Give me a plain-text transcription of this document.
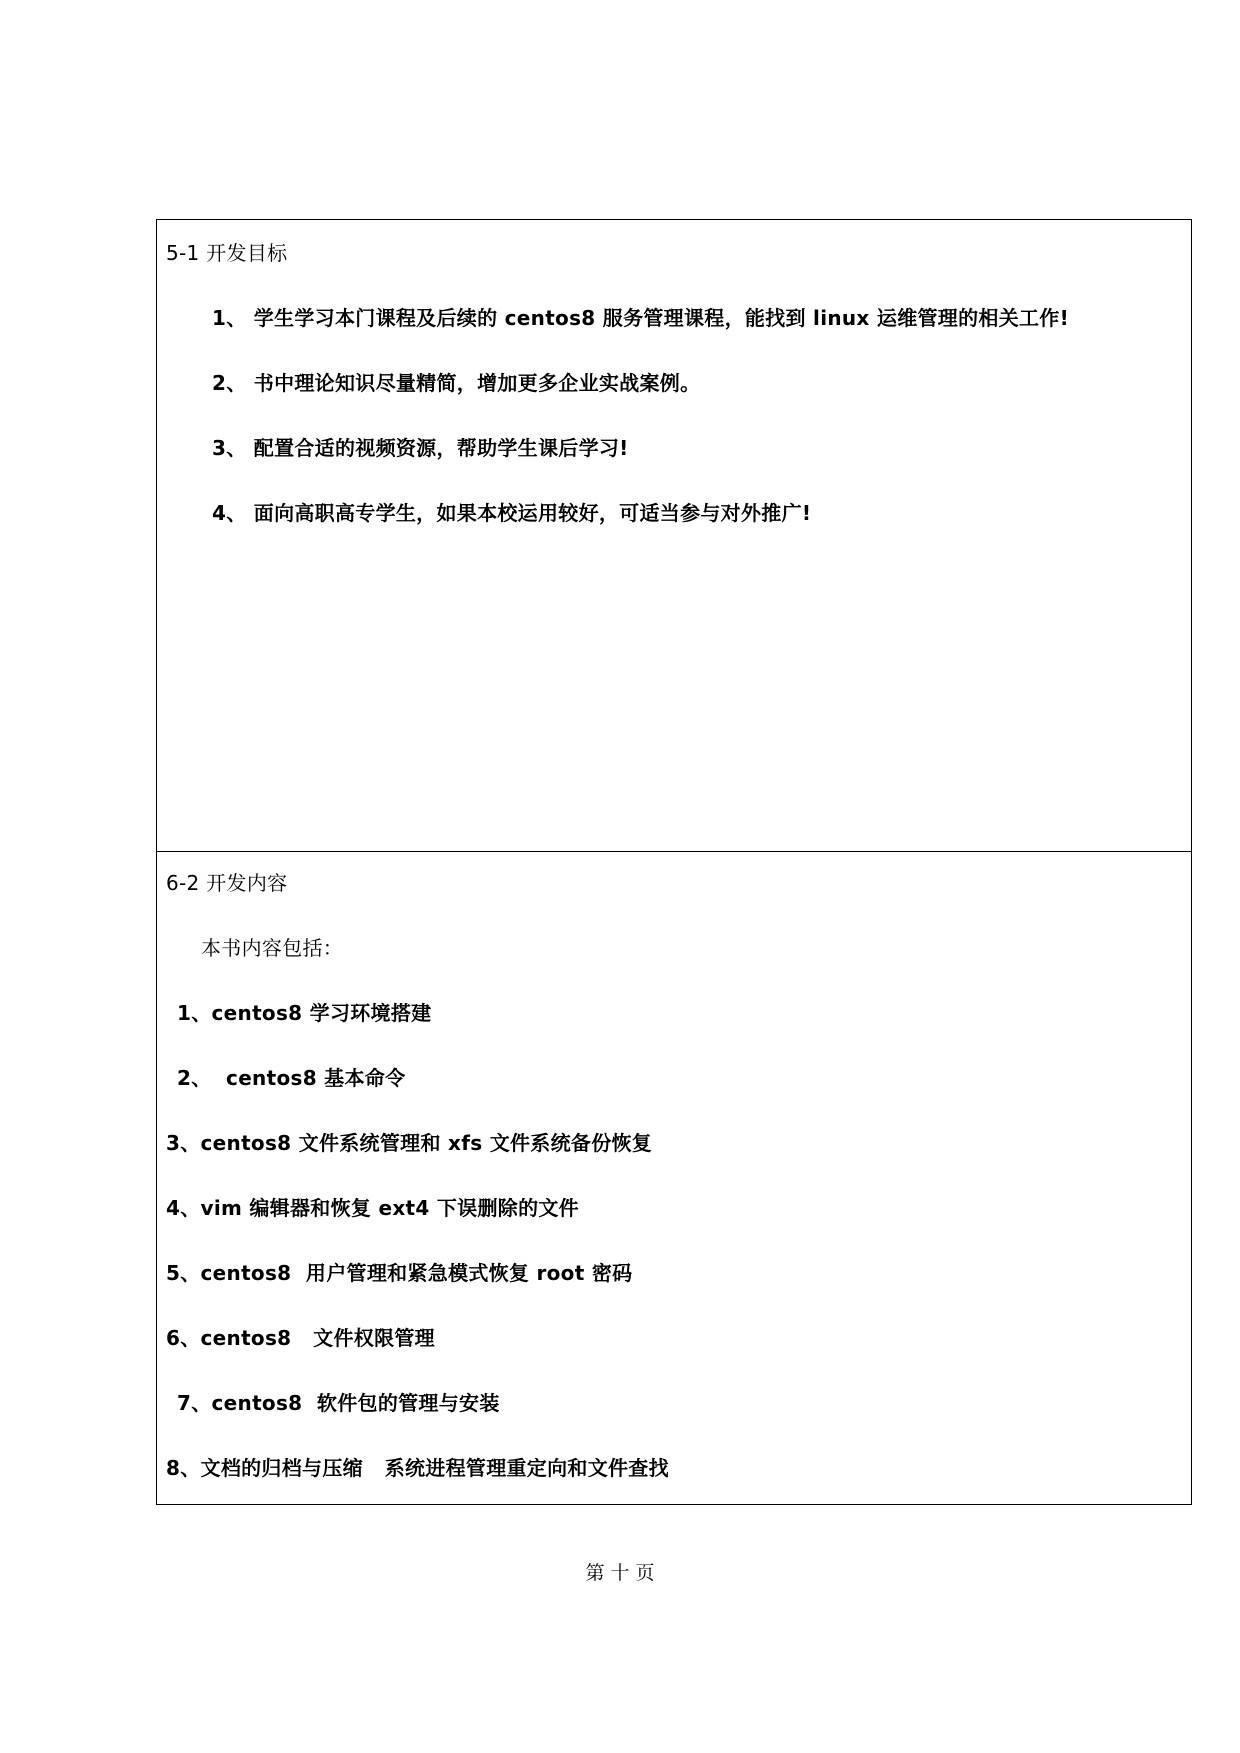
5-1 开发目标
1、 学生学习本门课程及后续的 centos8 服务管理课程，能找到 linux 运维管理的相关工作!
2、 书中理论知识尽量精简，增加更多企业实战案例。
3、 配置合适的视频资源，帮助学生课后学习!
4、 面向高职高专学生，如果本校运用较好，可适当参与对外推广!
6-2 开发内容
本书内容包括：
1、centos8 学习环境搭建
2、  centos8 基本命令
3、centos8 文件系统管理和 xfs 文件系统备份恢复
4、vim 编辑器和恢复 ext4 下误删除的文件
5、centos8  用户管理和紧急模式恢复 root 密码
6、centos8   文件权限管理
7、centos8  软件包的管理与安装
8、文档的归档与压缩   系统进程管理重定向和文件查找
第 十 页
